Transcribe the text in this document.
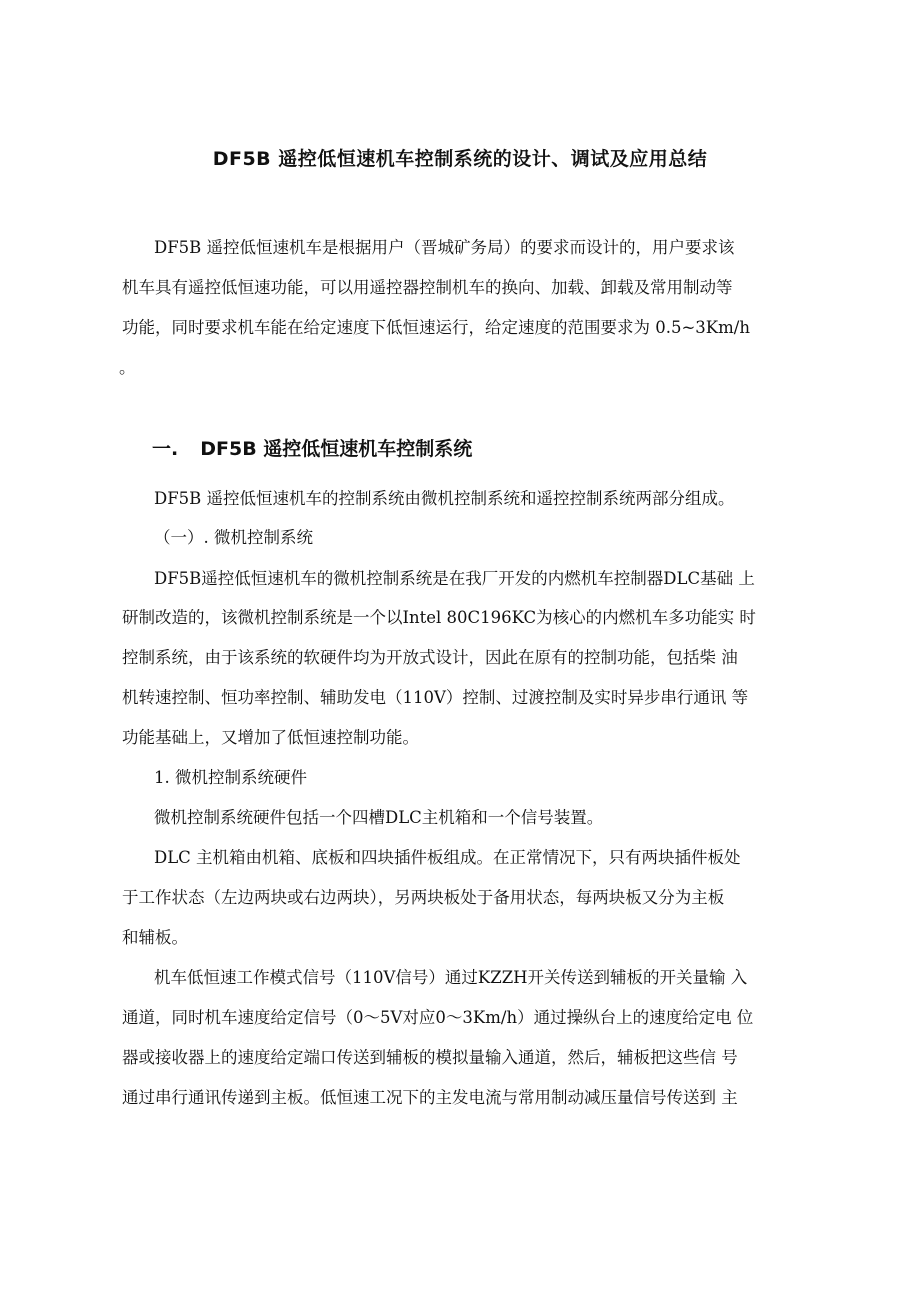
DF5B 遥控低恒速机车控制系统的设计、调试及应用总结
DF5B 遥控低恒速机车是根据用户（晋城矿务局）的要求而设计的，用户要求该
机车具有遥控低恒速功能，可以用遥控器控制机车的换向、加载、卸载及常用制动等
功能，同时要求机车能在给定速度下低恒速运行，给定速度的范围要求为 0.5~3Km/h
。
一. DF5B 遥控低恒速机车控制系统
DF5B 遥控低恒速机车的控制系统由微机控制系统和遥控控制系统两部分组成。
（一）. 微机控制系统
DF5B遥控低恒速机车的微机控制系统是在我厂开发的内燃机车控制器DLC基础 上
研制改造的，该微机控制系统是一个以Intel 80C196KC为核心的内燃机车多功能实 时
控制系统，由于该系统的软硬件均为开放式设计，因此在原有的控制功能，包括柴 油
机转速控制、恒功率控制、辅助发电（110V）控制、过渡控制及实时异步串行通讯 等
功能基础上，又增加了低恒速控制功能。
1. 微机控制系统硬件
微机控制系统硬件包括一个四槽DLC主机箱和一个信号装置。
DLC 主机箱由机箱、底板和四块插件板组成。在正常情况下，只有两块插件板处
于工作状态（左边两块或右边两块），另两块板处于备用状态，每两块板又分为主板
和辅板。
机车低恒速工作模式信号（110V信号）通过KZZH开关传送到辅板的开关量输 入
通道，同时机车速度给定信号（0～5V对应0～3Km/h）通过操纵台上的速度给定电 位
器或接收器上的速度给定端口传送到辅板的模拟量输入通道，然后，辅板把这些信 号
通过串行通讯传递到主板。低恒速工况下的主发电流与常用制动减压量信号传送到 主
